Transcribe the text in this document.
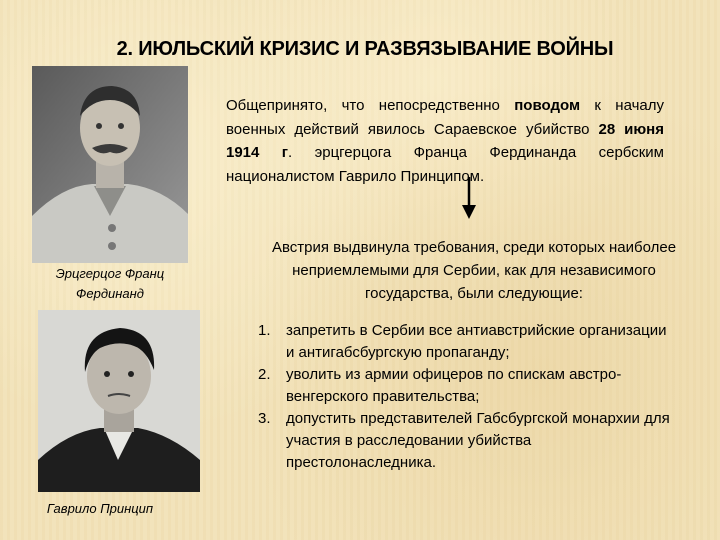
2. ИЮЛЬСКИЙ КРИЗИС И РАЗВЯЗЫВАНИЕ ВОЙНЫ
Эрцгерцог Франц Фердинанд
Гаврило Принцип
Общепринято, что непосредственно поводом к началу военных действий явилось Сараевское убийство 28 июня 1914 г. эрцгерцога Франца Фердинанда сербским националистом Гаврило Принципом.
Австрия выдвинула требования, среди которых наиболее неприемлемыми для Сербии, как для независимого государства, были следующие:
1.	запретить в Сербии все антиавстрийские организации и антигабсбургскую пропаганду;
2.	уволить из армии офицеров по спискам австро-венгерского правительства;
3.	допустить представителей Габсбургской монархии для участия в расследовании убийства престолонаследника.
